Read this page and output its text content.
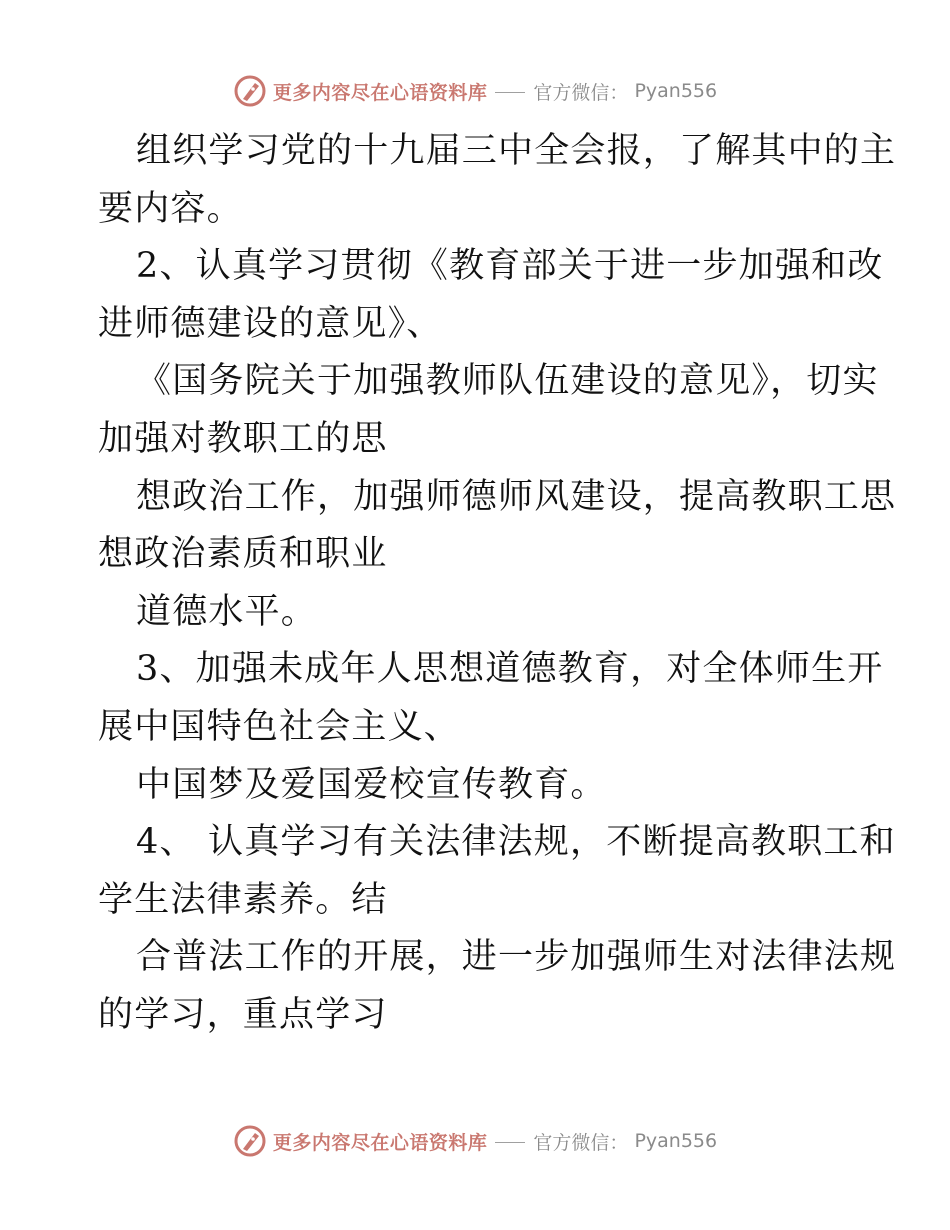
更多内容尽在心语资料库 官方微信： Pyan556
组织学习党的十九届三中全会报，了解其中的主
要内容。
2、认真学习贯彻《教育部关于进一步加强和改
进师德建设的意见》、
《国务院关于加强教师队伍建设的意见》，切实
加强对教职工的思
想政治工作，加强师德师风建设，提高教职工思
想政治素质和职业
道德水平。
3、加强未成年人思想道德教育，对全体师生开
展中国特色社会主义、
中国梦及爱国爱校宣传教育。
4、 认真学习有关法律法规，不断提高教职工和
学生法律素养。结
合普法工作的开展，进一步加强师生对法律法规
的学习，重点学习
更多内容尽在心语资料库 官方微信： Pyan556
